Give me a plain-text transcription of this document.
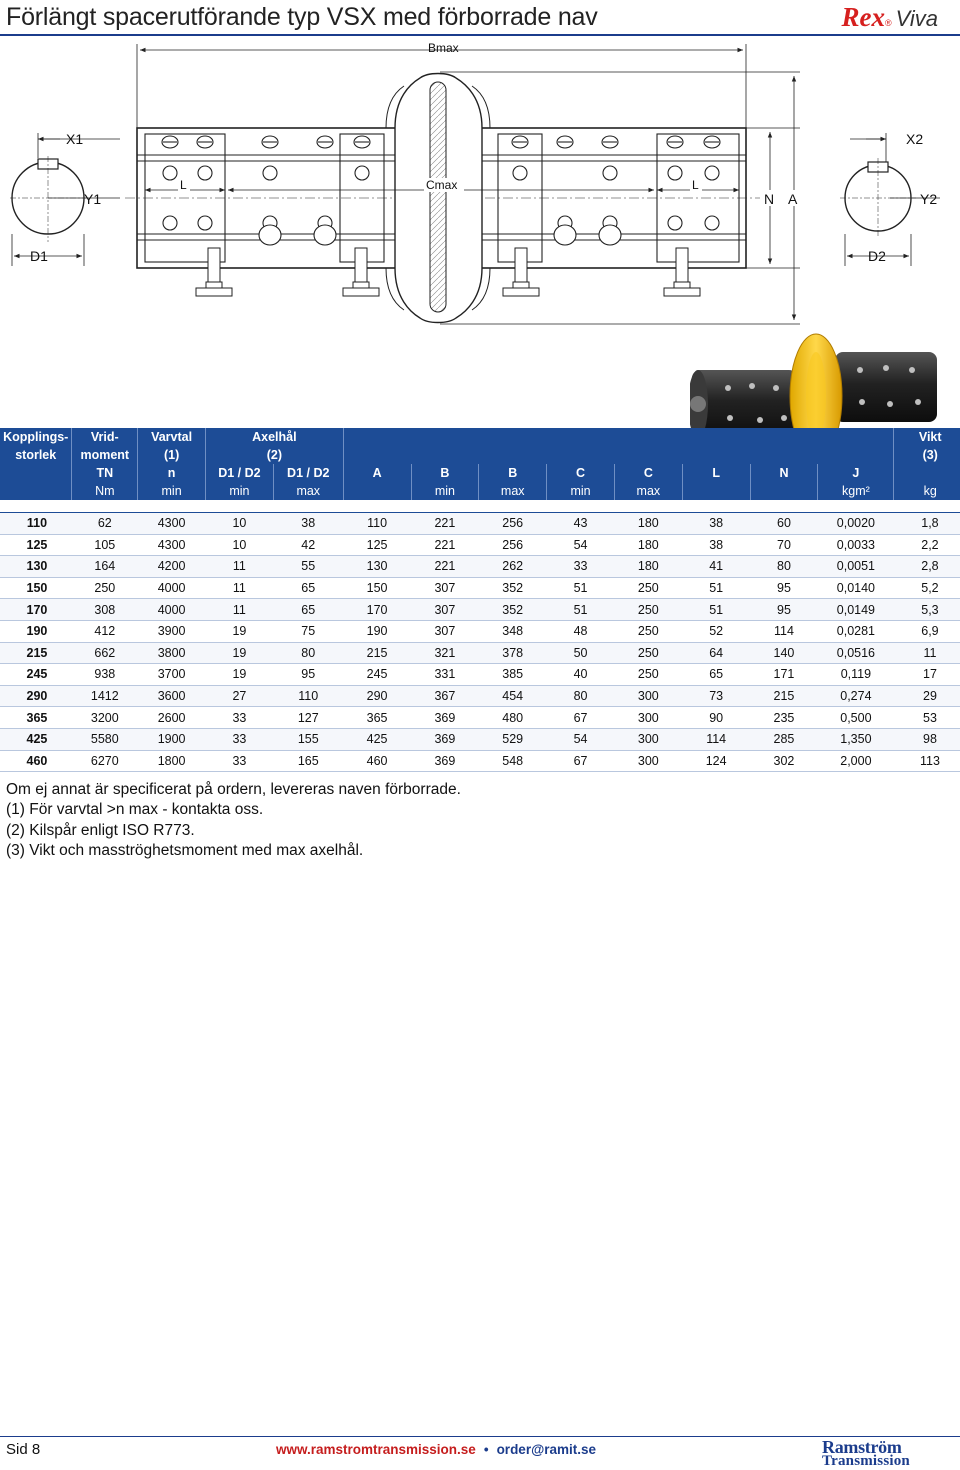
Förlängt spacerutförande typ VSX med förborrade nav	Rex ® Viva
Bmax
X1
Y1
D1
X2
Y2
D2
Cmax
L	L
N A
Kopplings-	Vrid-	Varvtal	Axelhål										Vikt
storlek	moment	(1)	(2)										(3)
	TN	n	D1 / D2	D1 / D2	A	B	B	C	C	L	N	J	
	Nm	min	min	max		min	max	min	max			kgm²	kg

110	62	4300	10	38	110	221	256	43	180	38	60	0,0020	1,8
125	105	4300	10	42	125	221	256	54	180	38	70	0,0033	2,2
130	164	4200	11	55	130	221	262	33	180	41	80	0,0051	2,8
150	250	4000	11	65	150	307	352	51	250	51	95	0,0140	5,2
170	308	4000	11	65	170	307	352	51	250	51	95	0,0149	5,3
190	412	3900	19	75	190	307	348	48	250	52	114	0,0281	6,9
215	662	3800	19	80	215	321	378	50	250	64	140	0,0516	11
245	938	3700	19	95	245	331	385	40	250	65	171	0,119	17
290	1412	3600	27	110	290	367	454	80	300	73	215	0,274	29
365	3200	2600	33	127	365	369	480	67	300	90	235	0,500	53
425	5580	1900	33	155	425	369	529	54	300	114	285	1,350	98
460	6270	1800	33	165	460	369	548	67	300	124	302	2,000	113
Om ej annat är specificerat på ordern, levereras naven förborrade.
(1) För varvtal >n max - kontakta oss.
(2) Kilspår enligt ISO R773.
(3) Vikt och masströghetsmoment med max axelhål.
Sid 8	www.ramstromtransmission.se • order@ramit.se	Ramström
Transmission
